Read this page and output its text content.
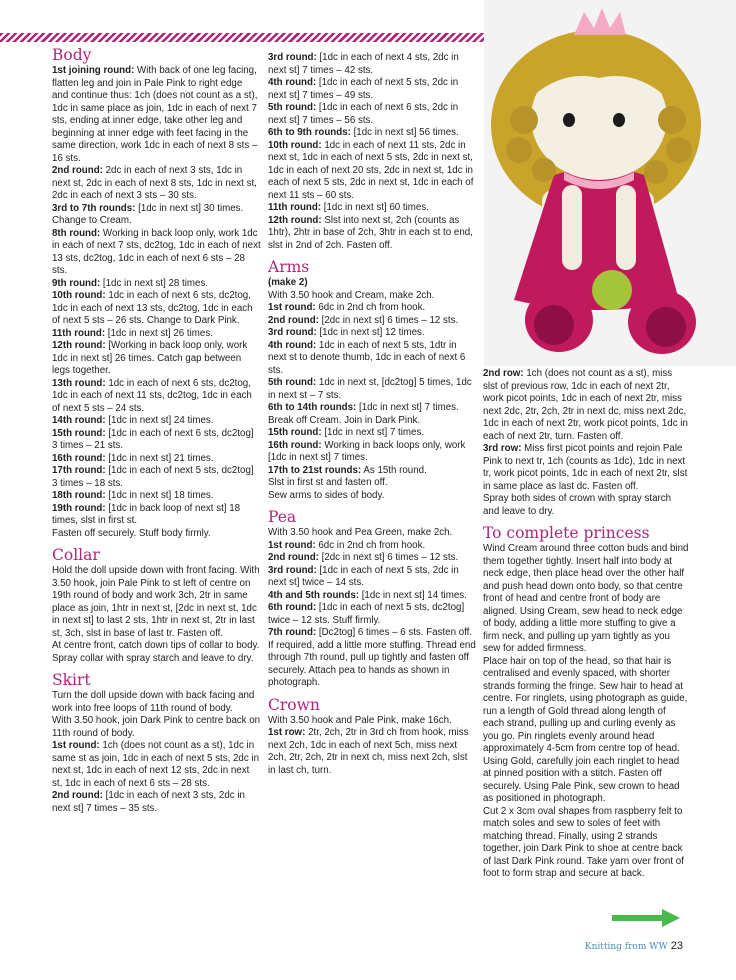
Body

1st joining round: With back of one leg facing, flatten leg and join in Pale Pink to right edge and continue thus: 1ch (does not count as a st), 1dc in same place as join, 1dc in each of next 7 sts, ending at inner edge, take other leg and beginning at inner edge with feet facing in the same direction, work 1dc in each of next 8 sts – 16 sts.

2nd round: 2dc in each of next 3 sts, 1dc in next st, 2dc in each of next 8 sts, 1dc in next st, 2dc in each of next 3 sts – 30 sts.

3rd to 7th rounds: [1dc in next st] 30 times. Change to Cream.

8th round: Working in back loop only, work 1dc in each of next 7 sts, dc2tog, 1dc in each of next 13 sts, dc2tog, 1dc in each of next 6 sts – 28 sts.

9th round: [1dc in next st] 28 times.

10th round: 1dc in each of next 6 sts, dc2tog, 1dc in each of next 13 sts, dc2tog, 1dc in each of next 5 sts – 26 sts. Change to Dark Pink.

11th round: [1dc in next st] 26 times.

12th round: [Working in back loop only, work 1dc in next st] 26 times. Catch gap between legs together.

13th round: 1dc in each of next 6 sts, dc2tog, 1dc in each of next 11 sts, dc2tog, 1dc in each of next 5 sts – 24 sts.

14th round: [1dc in next st] 24 times.

15th round: [1dc in each of next 6 sts, dc2tog] 3 times – 21 sts.

16th round: [1dc in next st] 21 times.

17th round: [1dc in each of next 5 sts, dc2tog] 3 times – 18 sts.

18th round: [1dc in next st] 18 times.

19th round: [1dc in back loop of next st] 18 times, slst in first st.

Fasten off securely. Stuff body firmly.

Collar

Hold the doll upside down with front facing. With 3.50 hook, join Pale Pink to st left of centre on 19th round of body and work 3ch, 2tr in same place as join, 1htr in next st, [2dc in next st, 1dc in next st] to last 2 sts, 1htr in next st, 2tr in last st, 3ch, slst in base of last tr. Fasten off.

At centre front, catch down tips of collar to body. Spray collar with spray starch and leave to dry.

Skirt

Turn the doll upside down with back facing and work into free loops of 11th round of body.

With 3.50 hook, join Dark Pink to centre back on 11th round of body.

1st round: 1ch (does not count as a st), 1dc in same st as join, 1dc in each of next 5 sts, 2dc in next st, 1dc in each of next 12 sts, 2dc in next st, 1dc in each of next 6 sts – 28 sts.

2nd round: [1dc in each of next 3 sts, 2dc in next st] 7 times – 35 sts.

3rd round: [1dc in each of next 4 sts, 2dc in next st] 7 times – 42 sts.

4th round: [1dc in each of next 5 sts, 2dc in next st] 7 times – 49 sts.

5th round: [1dc in each of next 6 sts, 2dc in next st] 7 times – 56 sts.

6th to 9th rounds: [1dc in next st] 56 times.

10th round: 1dc in each of next 11 sts, 2dc in next st, 1dc in each of next 5 sts, 2dc in next st, 1dc in each of next 20 sts, 2dc in next st, 1dc in each of next 5 sts, 2dc in next st, 1dc in each of next 11 sts – 60 sts.

11th round: [1dc in next st] 60 times.

12th round: Slst into next st, 2ch (counts as 1htr), 2htr in base of 2ch, 3htr in each st to end, slst in 2nd of 2ch. Fasten off.

Arms

(make 2)

With 3.50 hook and Cream, make 2ch.

1st round: 6dc in 2nd ch from hook.

2nd round: [2dc in next st] 6 times – 12 sts.

3rd round: [1dc in next st] 12 times.

4th round: 1dc in each of next 5 sts, 1dtr in next st to denote thumb, 1dc in each of next 6 sts.

5th round: 1dc in next st, [dc2tog] 5 times, 1dc in next st – 7 sts.

6th to 14th rounds: [1dc in next st] 7 times. Break off Cream. Join in Dark Pink.

15th round: [1dc in next st] 7 times.

16th round: Working in back loops only, work [1dc in next st] 7 times.

17th to 21st rounds: As 15th round.

Slst in first st and fasten off.

Sew arms to sides of body.

Pea

With 3.50 hook and Pea Green, make 2ch.

1st round: 6dc in 2nd ch from hook.

2nd round: [2dc in next st] 6 times – 12 sts.

3rd round: [1dc in each of next 5 sts, 2dc in next st] twice – 14 sts.

4th and 5th rounds: [1dc in next st] 14 times.

6th round: [1dc in each of next 5 sts, dc2tog] twice – 12 sts. Stuff firmly.

7th round: [Dc2tog] 6 times – 6 sts. Fasten off.

If required, add a little more stuffing. Thread end through 7th round, pull up tightly and fasten off securely. Attach pea to hands as shown in photograph.

Crown

With 3.50 hook and Pale Pink, make 16ch.

1st row: 2tr, 2ch, 2tr in 3rd ch from hook, miss next 2ch, 1dc in each of next 5ch, miss next 2ch, 2tr, 2ch, 2tr in next ch, miss next 2ch, slst in last ch, turn.

2nd row: 1ch (does not count as a st), miss slst of previous row, 1dc in each of next 2tr, work picot points, 1dc in each of next 2tr, miss next 2dc, 2tr, 2ch, 2tr in next dc, miss next 2dc, 1dc in each of next 2tr, work picot points, 1dc in each of next 2tr, turn. Fasten off.

3rd row: Miss first picot points and rejoin Pale Pink to next tr, 1ch (counts as 1dc), 1dc in next tr, work picot points, 1dc in each of next 2tr, slst in same place as last dc. Fasten off.

Spray both sides of crown with spray starch and leave to dry.

To complete princess

Wind Cream around three cotton buds and bind them together tightly. Insert half into body at neck edge, then place head over the other half and push head down onto body, so that centre front of head and centre front of body are aligned. Using Cream, sew head to neck edge of body, adding a little more stuffing to give a firm neck, and pulling up yarn tightly as you sew for added firmness.

Place hair on top of the head, so that hair is centralised and evenly spaced, with shorter strands forming the fringe. Sew hair to head at centre. For ringlets, using photograph as guide, run a length of Gold thread along length of each strand, pulling up and curling evenly as you go. Pin ringlets evenly around head approximately 4-5cm from centre top of head. Using Gold, carefully join each ringlet to head at pinned position with a stitch. Fasten off securely. Using Pale Pink, sew crown to head as positioned in photograph.

Cut 2 x 3cm oval shapes from raspberry felt to match soles and sew to soles of feet with matching thread. Finally, using 2 strands together, join Dark Pink to shoe at centre back of last Dark Pink round. Take yarn over front of foot to form strap and secure at back.

Knitting from WW 23
